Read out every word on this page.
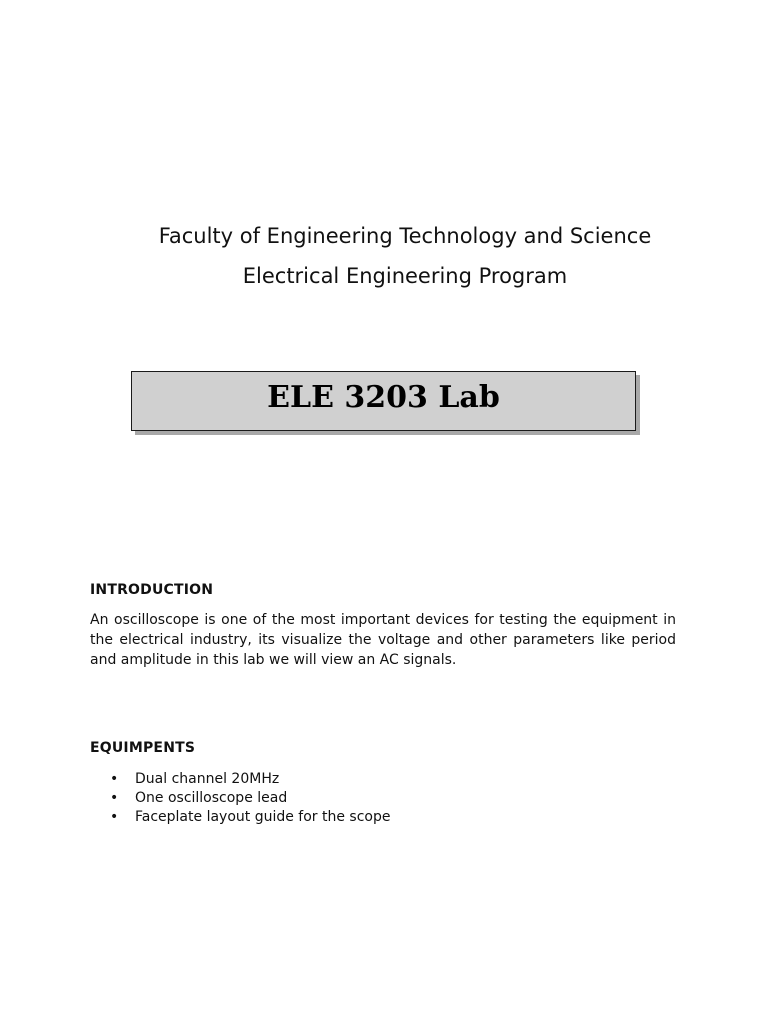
Faculty of Engineering Technology and Science

Electrical Engineering Program

ELE 3203 Lab
INTRODUCTION

An oscilloscope is one of the most important devices for testing the equipment in the electrical industry, its visualize the voltage and other parameters like period and amplitude in this lab we will view an AC signals.

EQUIMPENTS
• Dual channel 20MHz
• One oscilloscope lead
• Faceplate layout guide for the scope
